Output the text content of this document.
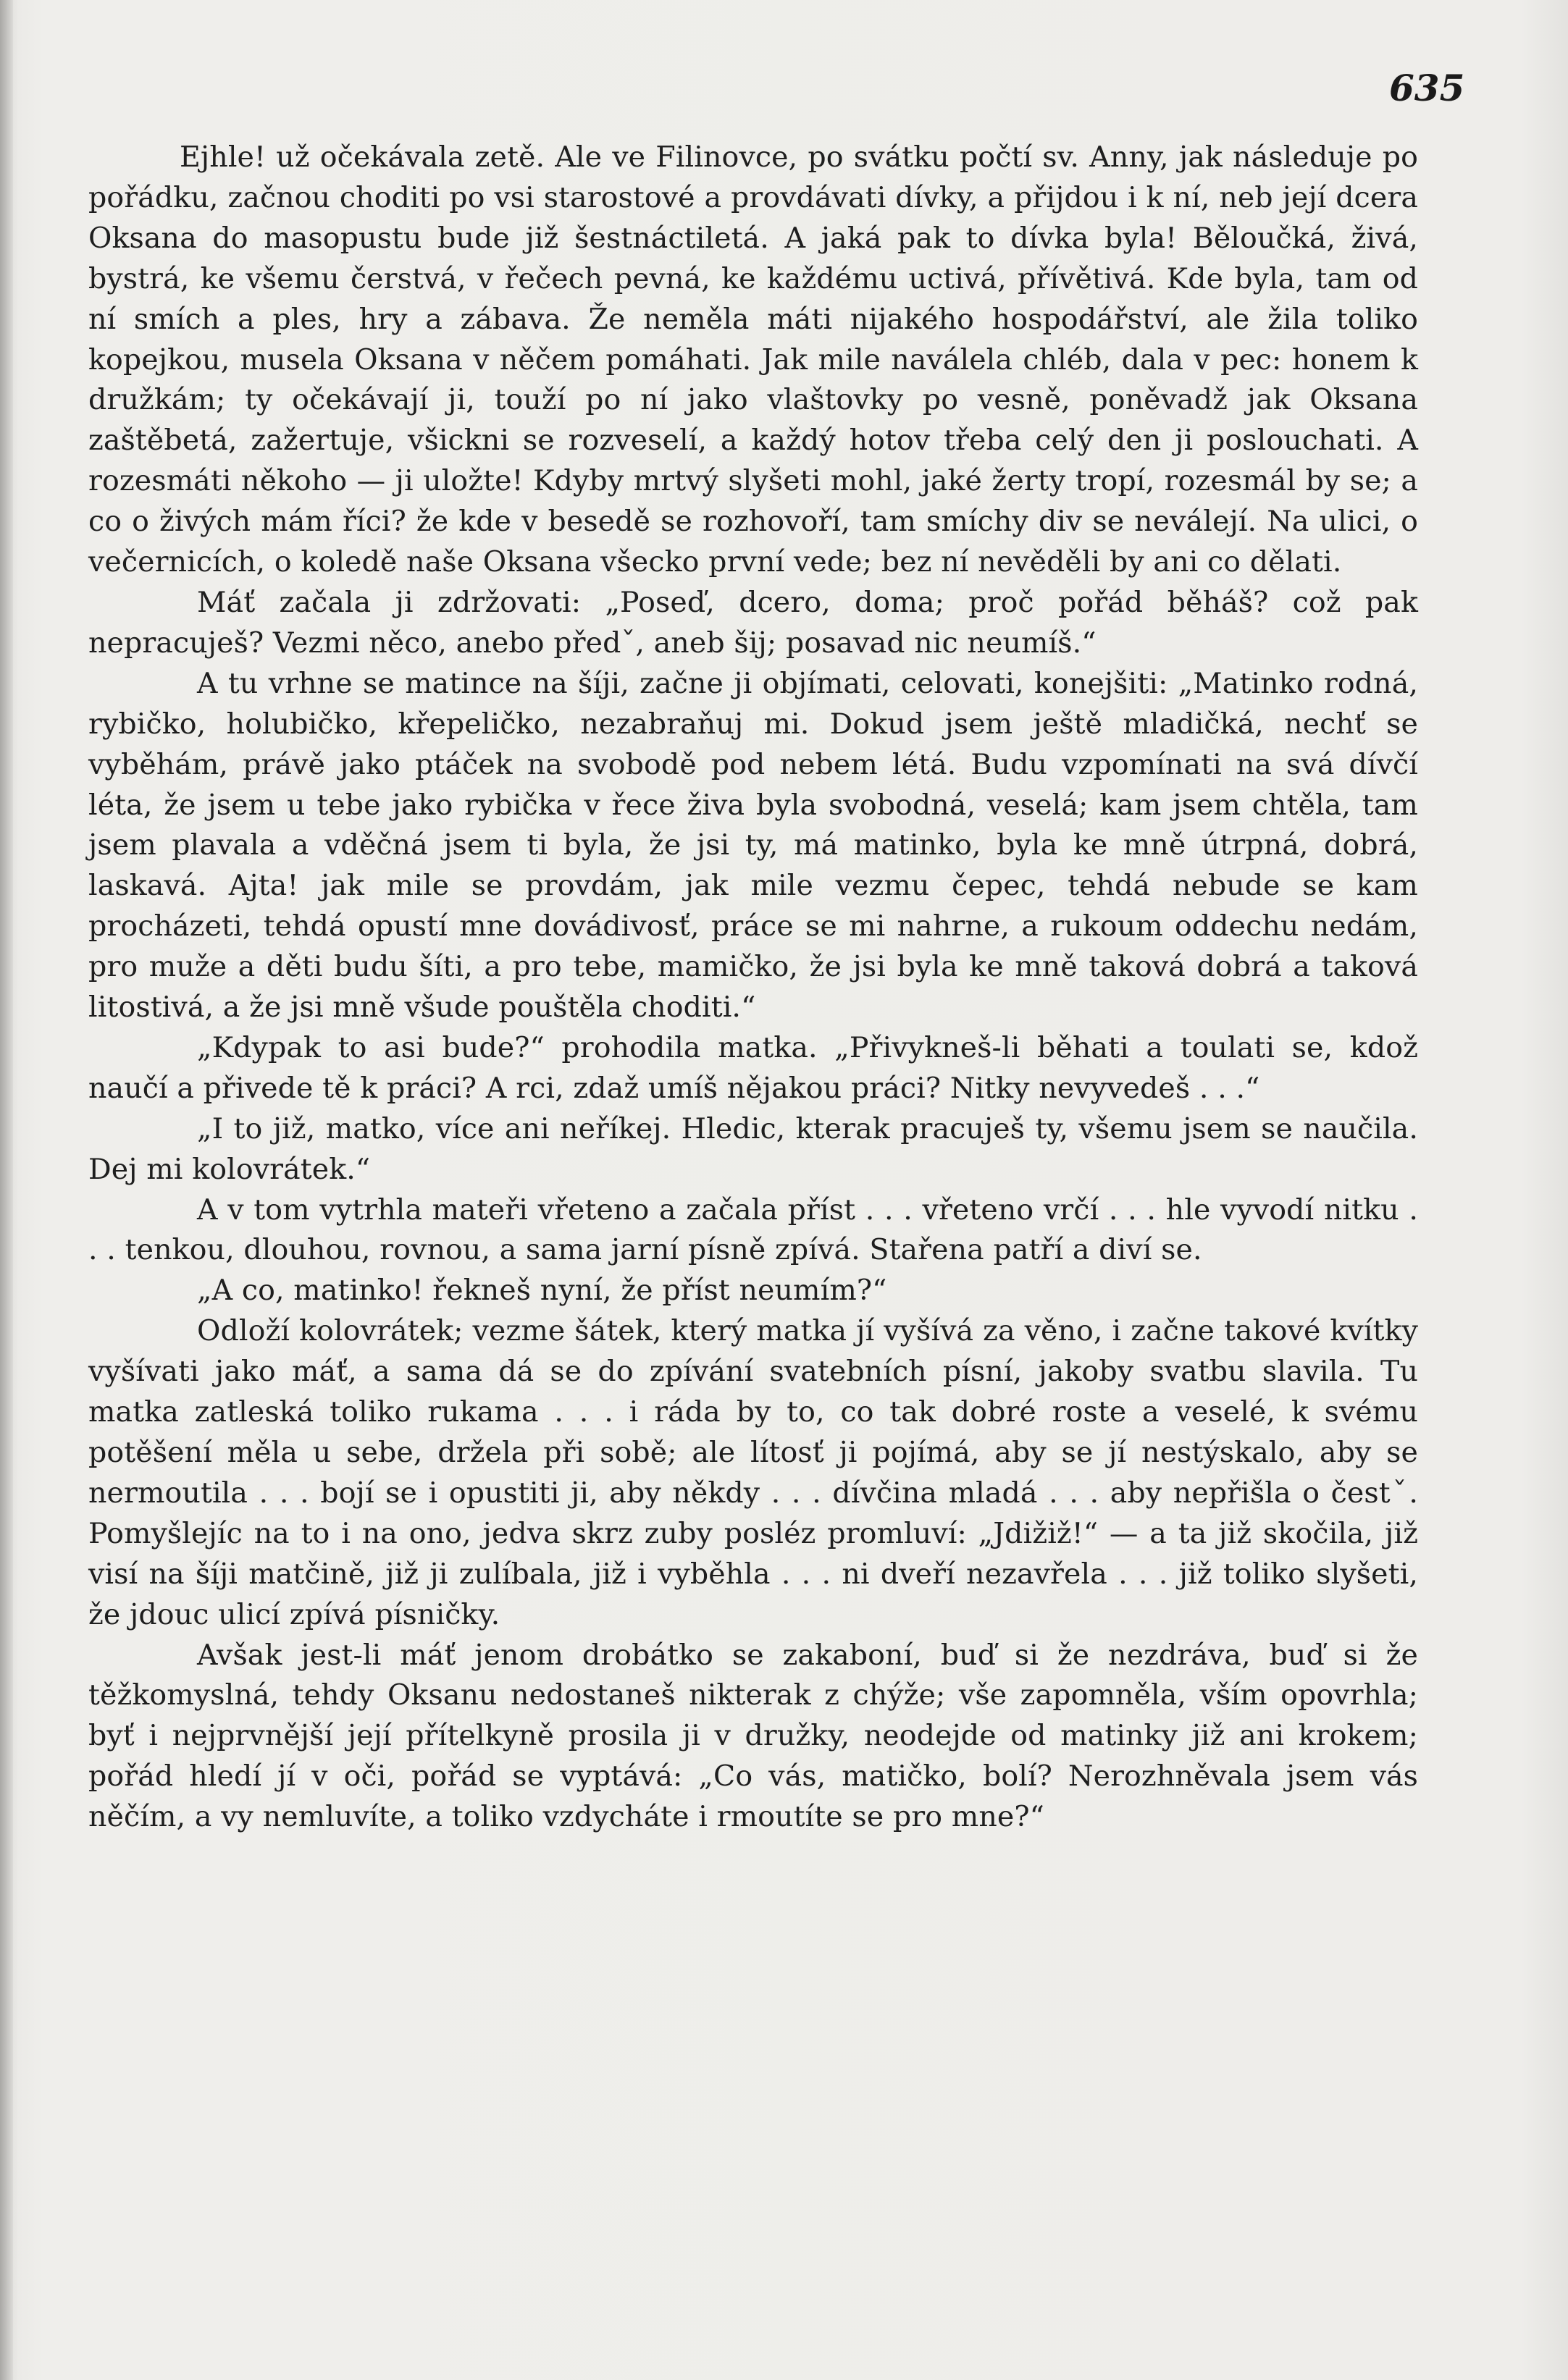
635

Ejhle! už očekávala zetě. Ale ve Filinovce, po svátku počtí sv. Anny, jak následuje po pořádku, začnou choditi po vsi starostové a provdávati dívky, a přijdou i k ní, neb její dcera Oksana do masopustu bude již šestnáctiletá. A jaká pak to dívka byla! Běloučká, živá, bystrá, ke všemu čerstvá, v řečech pevná, ke každému uctivá, přívětivá. Kde byla, tam od ní smích a ples, hry a zábava. Že neměla máti nijakého hospodářství, ale žila toliko kopejkou, musela Oksana v něčem pomáhati. Jak mile naválela chléb, dala v pec: honem k družkám; ty očekávají ji, touží po ní jako vlaštovky po vesně, poněvadž jak Oksana zaštěbetá, zažertuje, všickni se rozveselí, a každý hotov třeba celý den ji poslouchati. A rozesmáti někoho — ji uložte! Kdyby mrtvý slyšeti mohl, jaké žerty tropí, rozesmál by se; a co o živých mám říci? že kde v besedě se rozhovoří, tam smíchy div se neválejí. Na ulici, o večernicích, o koledě naše Oksana všecko první vede; bez ní nevěděli by ani co dělati.

Máť začala ji zdržovati: „Poseď, dcero, doma; proč pořád běháš? což pak nepracuješ? Vezmi něco, anebo předˇ, aneb šij; posavad nic neumíš.“

A tu vrhne se matince na šíji, začne ji objímati, celovati, konejšiti: „Matinko rodná, rybičko, holubičko, křepeličko, nezabraňuj mi. Dokud jsem ještě mladičká, nechť se vyběhám, právě jako ptáček na svobodě pod nebem létá. Budu vzpomínati na svá dívčí léta, že jsem u tebe jako rybička v řece živa byla svobodná, veselá; kam jsem chtěla, tam jsem plavala a vděčná jsem ti byla, že jsi ty, má matinko, byla ke mně útrpná, dobrá, laskavá. Ajta! jak mile se provdám, jak mile vezmu čepec, tehdá nebude se kam procházeti, tehdá opustí mne dovádivosť, práce se mi nahrne, a rukoum oddechu nedám, pro muže a děti budu šíti, a pro tebe, mamičko, že jsi byla ke mně taková dobrá a taková litostivá, a že jsi mně všude pouštěla choditi.“

„Kdypak to asi bude?“ prohodila matka. „Přivykneš-li běhati a toulati se, kdož naučí a přivede tě k práci? A rci, zdaž umíš nějakou práci? Nitky nevyvedeš . . .“

„I to již, matko, více ani neříkej. Hledic, kterak pracuješ ty, všemu jsem se naučila. Dej mi kolovrátek.“

A v tom vytrhla mateři vřeteno a začala příst . . . vřeteno vrčí . . . hle vyvodí nitku . . . tenkou, dlouhou, rovnou, a sama jarní písně zpívá. Stařena patří a diví se.

„A co, matinko! řekneš nyní, že příst neumím?“

Odloží kolovrátek; vezme šátek, který matka jí vyšívá za věno, i začne takové kvítky vyšívati jako máť, a sama dá se do zpívání svatebních písní, jakoby svatbu slavila. Tu matka zatleská toliko rukama . . . i ráda by to, co tak dobré roste a veselé, k svému potěšení měla u sebe, držela při sobě; ale lítosť ji pojímá, aby se jí nestýskalo, aby se nermoutila . . . bojí se i opustiti ji, aby někdy . . . dívčina mladá . . . aby nepřišla o čestˇ. Pomyšlejíc na to i na ono, jedva skrz zuby posléz promluví: „Jdižiž!“ — a ta již skočila, již visí na šíji matčině, již ji zulíbala, již i vyběhla . . . ni dveří nezavřela . . . již toliko slyšeti, že jdouc ulicí zpívá písničky.

Avšak jest-li máť jenom drobátko se zakaboní, buď si že nezdráva, buď si že těžkomyslná, tehdy Oksanu nedostaneš nikterak z chýže; vše zapomněla, vším opovrhla; byť i nejprvnější její přítelkyně prosila ji v družky, neodejde od matinky již ani krokem; pořád hledí jí v oči, pořád se vyptává: „Co vás, matičko, bolí? Nerozhněvala jsem vás něčím, a vy nemluvíte, a toliko vzdycháte i rmoutíte se pro mne?“
